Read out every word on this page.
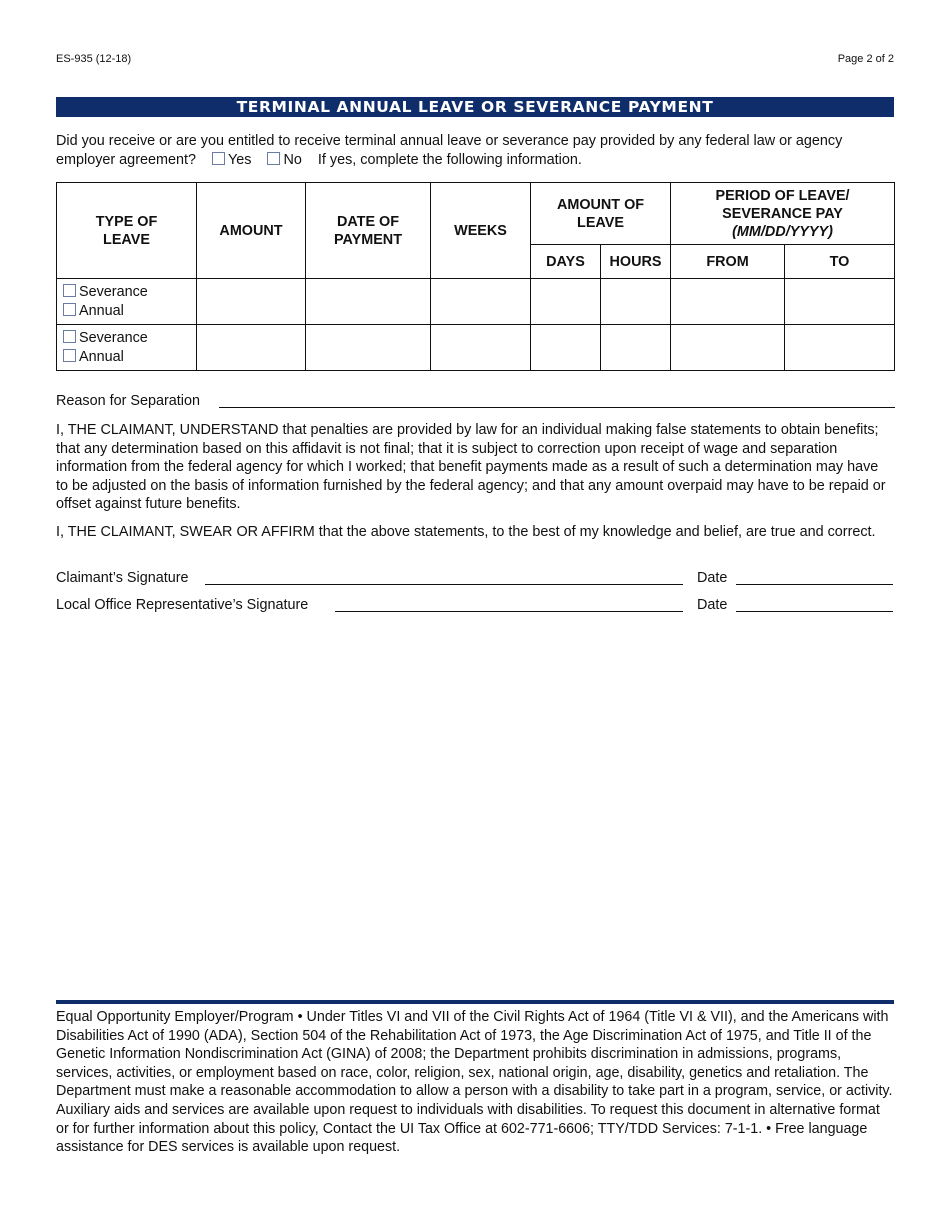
ES-935 (12-18)	Page 2 of 2
TERMINAL ANNUAL LEAVE OR SEVERANCE PAYMENT
Did you receive or are you entitled to receive terminal annual leave or severance pay provided by any federal law or agency employer agreement? Yes No If yes, complete the following information.
TYPE OF LEAVE	AMOUNT	DATE OF PAYMENT	WEEKS	AMOUNT OF LEAVE		PERIOD OF LEAVE/
SEVERANCE PAY
(MM/DD/YYYY)	

				DAYS	HOURS	FROM	TO

Severance
Annual							

Severance
Annual							

Reason for Separation
I, THE CLAIMANT, UNDERSTAND that penalties are provided by law for an individual making false statements to obtain benefits; that any determination based on this affidavit is not final; that it is subject to correction upon receipt of wage and separation information from the federal agency for which I worked; that benefit payments made as a result of such a determination may have to be adjusted on the basis of information furnished by the federal agency; and that any amount overpaid may have to be repaid or offset against future benefits.
I, THE CLAIMANT, SWEAR OR AFFIRM that the above statements, to the best of my knowledge and belief, are true and correct.
Claimant’s Signature	Date
Local Office Representative’s Signature	Date
Equal Opportunity Employer/Program • Under Titles VI and VII of the Civil Rights Act of 1964 (Title VI & VII), and the Americans with Disabilities Act of 1990 (ADA), Section 504 of the Rehabilitation Act of 1973, the Age Discrimination Act of 1975, and Title II of the Genetic Information Nondiscrimination Act (GINA) of 2008; the Department prohibits discrimination in admissions, programs, services, activities, or employment based on race, color, religion, sex, national origin, age, disability, genetics and retaliation. The Department must make a reasonable accommodation to allow a person with a disability to take part in a program, service, or activity. Auxiliary aids and services are available upon request to individuals with disabilities. To request this document in alternative format or for further information about this policy, Contact the UI Tax Office at 602-771-6606; TTY/TDD Services: 7-1-1. • Free language assistance for DES services is available upon request.
